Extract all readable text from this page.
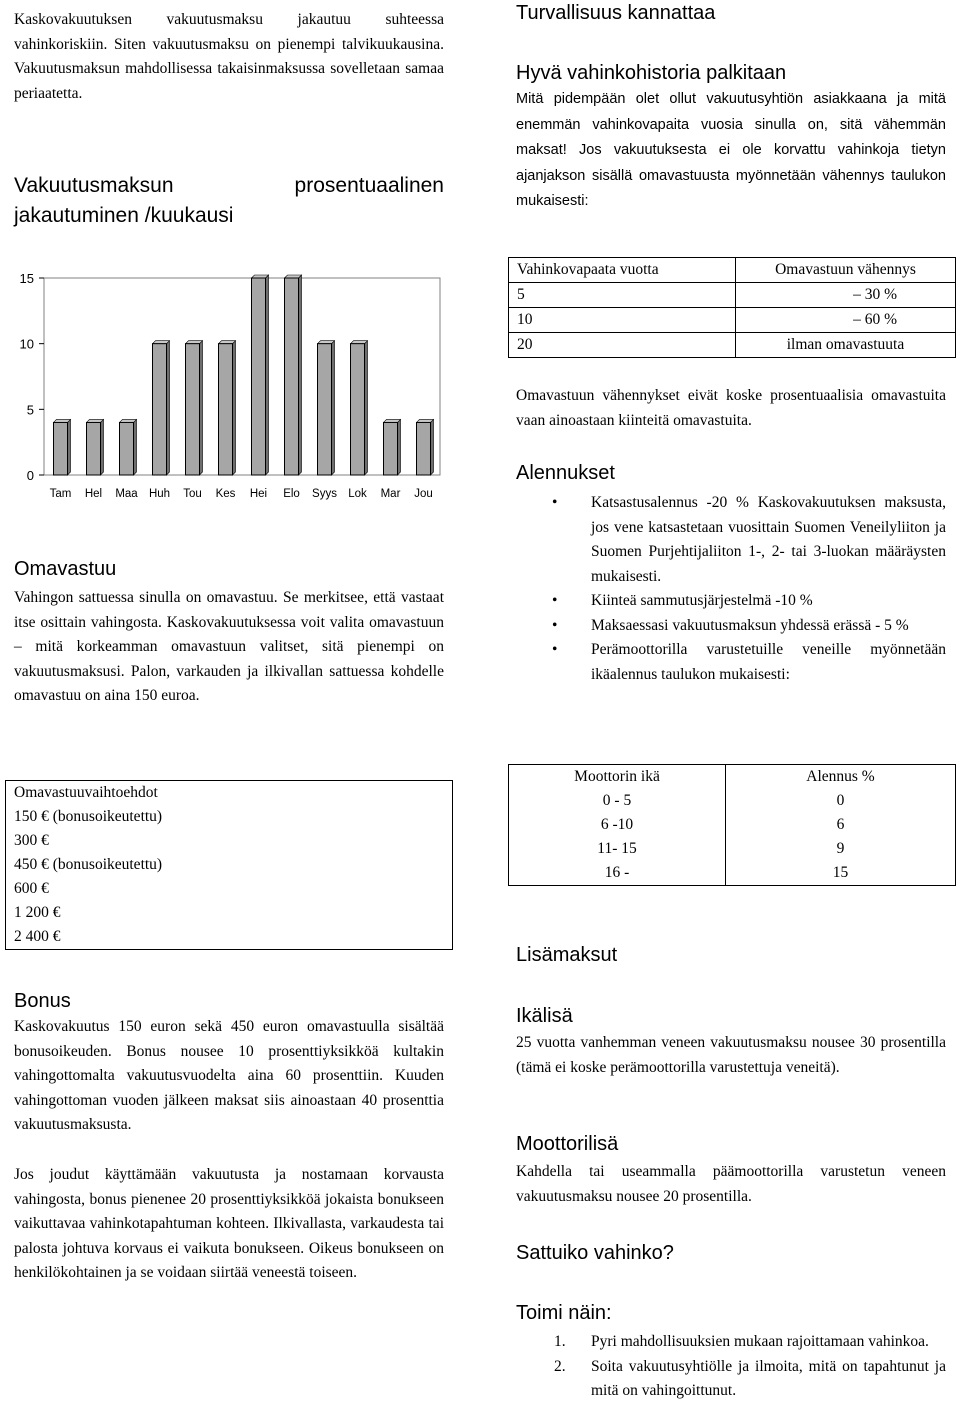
Kaskovakuutuksen vakuutusmaksu jakautuu suhteessa vahinkoriskiin. Siten vakuutusmaksu on pienempi talvikuukausina. Vakuutusmaksun mahdollisessa takaisinmaksussa sovelletaan samaa periaatetta.

Vakuutusmaksun prosentuaalinen jakautuminen /kuukausi
0
5
10
15
Tam Hel Maa Huh Tou Kes Hei Elo Syys Lok Mar Jou
Omavastuu

Vahingon sattuessa sinulla on omavastuu. Se merkitsee, että vastaat itse osittain vahingosta. Kaskovakuutuksessa voit valita omavastuun – mitä korkeamman omavastuun valitset, sitä pienempi on vakuutusmaksusi. Palon, varkauden ja ilkivallan sattuessa kohdelle omavastuu on aina 150 euroa.

Omavastuuvaihtoehdot
150 € (bonusoikeutettu)
300 €
450 € (bonusoikeutettu)
600 €
1 200 €
2 400 €
Bonus

Kaskovakuutus 150 euron sekä 450 euron omavastuulla sisältää bonusoikeuden. Bonus nousee 10 prosenttiyksikköä kultakin vahingottomalta vakuutusvuodelta aina 60 prosenttiin. Kuuden vahingottoman vuoden jälkeen maksat siis ainoastaan 40 prosenttia vakuutusmaksusta.

Jos joudut käyttämään vakuutusta ja nostamaan korvausta vahingosta, bonus pienenee 20 prosenttiyksikköä jokaista bonukseen vaikuttavaa vahinkotapahtuman kohteen. Ilkivallasta, varkaudesta tai palosta johtuva korvaus ei vaikuta bonukseen. Oikeus bonukseen on henkilökohtainen ja se voidaan siirtää veneestä toiseen.

Turvallisuus kannattaa
Hyvä vahinkohistoria palkitaan

Mitä pidempään olet ollut vakuutusyhtiön asiakkaana ja mitä enemmän vahinkovapaita vuosia sinulla on, sitä vähemmän maksat! Jos vakuutuksesta ei ole korvattu vahinkoja tietyn ajanjakson sisällä omavastuusta myönnetään vähennys taulukon mukaisesti:

Vahinkovapaata vuotta	Omavastuun vähennys
5	– 30 %
10	– 60 %
20	ilman omavastuuta

Omavastuun vähennykset eivät koske prosentuaalisia omavastuita vaan ainoastaan kiinteitä omavastuita.

Alennukset
• Katsastusalennus -20 % Kaskovakuutuksen maksusta, jos vene katsastetaan vuosittain Suomen Veneilyliiton ja Suomen Purjehtijaliiton 1-, 2- tai 3-luokan määräysten mukaisesti.
• Kiinteä sammutusjärjestelmä -10 %
• Maksaessasi vakuutusmaksun yhdessä erässä - 5 %
• Perämoottorilla varustetuille veneille myönnetään ikäalennus taulukon mukaisesti:
Moottorin ikä	Alennus %
0 - 5	0
6 -10	6
11- 15	9
16 -	15
Lisämaksut
Ikälisä

25 vuotta vanhemman veneen vakuutusmaksu nousee 30 prosentilla (tämä ei koske perämoottorilla varustettuja veneitä).

Moottorilisä

Kahdella tai useammalla päämoottorilla varustetun veneen vakuutusmaksu nousee 20 prosentilla.

Sattuiko vahinko?
Toimi näin:
1. Pyri mahdollisuuksien mukaan rajoittamaan vahinkoa.
2. Soita vakuutusyhtiölle ja ilmoita, mitä on tapahtunut ja mitä on vahingoittunut.
